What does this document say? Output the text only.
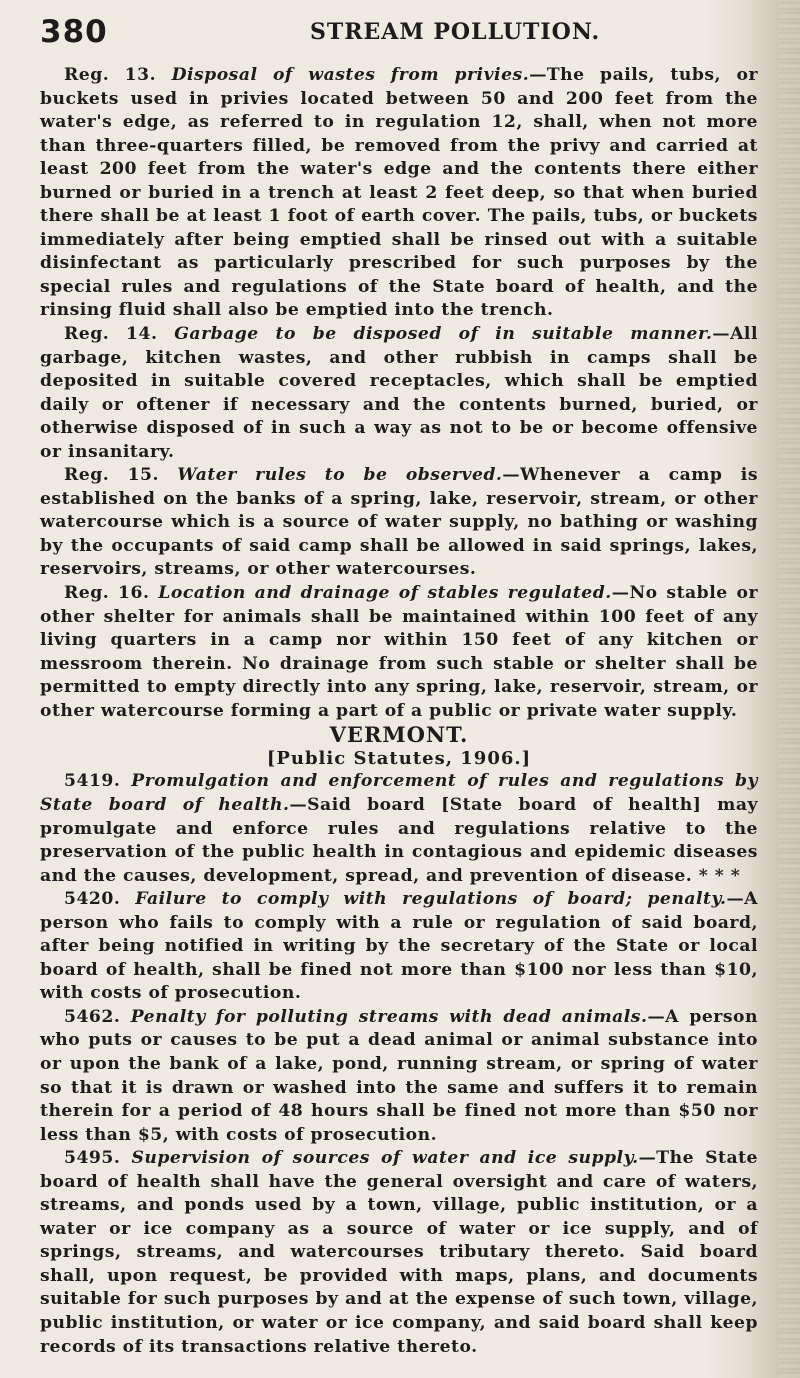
380	STREAM POLLUTION.

Reg. 13. Disposal of wastes from privies.—The pails, tubs, or buckets used in privies located between 50 and 200 feet from the water's edge, as referred to in regulation 12, shall, when not more than three-quarters filled, be removed from the privy and carried at least 200 feet from the water's edge and the contents there either burned or buried in a trench at least 2 feet deep, so that when buried there shall be at least 1 foot of earth cover. The pails, tubs, or buckets immediately after being emptied shall be rinsed out with a suitable disinfectant as particularly prescribed for such purposes by the special rules and regulations of the State board of health, and the rinsing fluid shall also be emptied into the trench.

Reg. 14. Garbage to be disposed of in suitable manner.—All garbage, kitchen wastes, and other rubbish in camps shall be deposited in suitable covered receptacles, which shall be emptied daily or oftener if necessary and the contents burned, buried, or otherwise disposed of in such a way as not to be or become offensive or insanitary.

Reg. 15. Water rules to be observed.—Whenever a camp is established on the banks of a spring, lake, reservoir, stream, or other watercourse which is a source of water supply, no bathing or washing by the occupants of said camp shall be allowed in said springs, lakes, reservoirs, streams, or other watercourses.

Reg. 16. Location and drainage of stables regulated.—No stable or other shelter for animals shall be maintained within 100 feet of any living quarters in a camp nor within 150 feet of any kitchen or messroom therein. No drainage from such stable or shelter shall be permitted to empty directly into any spring, lake, reservoir, stream, or other watercourse forming a part of a public or private water supply.

VERMONT.

[Public Statutes, 1906.]

5419. Promulgation and enforcement of rules and regulations by State board of health.—Said board [State board of health] may promulgate and enforce rules and regulations relative to the preservation of the public health in contagious and epidemic diseases and the causes, development, spread, and prevention of disease. * * *

5420. Failure to comply with regulations of board; penalty.—A person who fails to comply with a rule or regulation of said board, after being notified in writing by the secretary of the State or local board of health, shall be fined not more than $100 nor less than $10, with costs of prosecution.

5462. Penalty for polluting streams with dead animals.—A person who puts or causes to be put a dead animal or animal substance into or upon the bank of a lake, pond, running stream, or spring of water so that it is drawn or washed into the same and suffers it to remain therein for a period of 48 hours shall be fined not more than $50 nor less than $5, with costs of prosecution.

5495. Supervision of sources of water and ice supply.—The State board of health shall have the general oversight and care of waters, streams, and ponds used by a town, village, public institution, or a water or ice company as a source of water or ice supply, and of springs, streams, and watercourses tributary thereto. Said board shall, upon request, be provided with maps, plans, and documents suitable for such purposes by and at the expense of such town, village, public institution, or water or ice company, and said board shall keep records of its transactions relative thereto.
